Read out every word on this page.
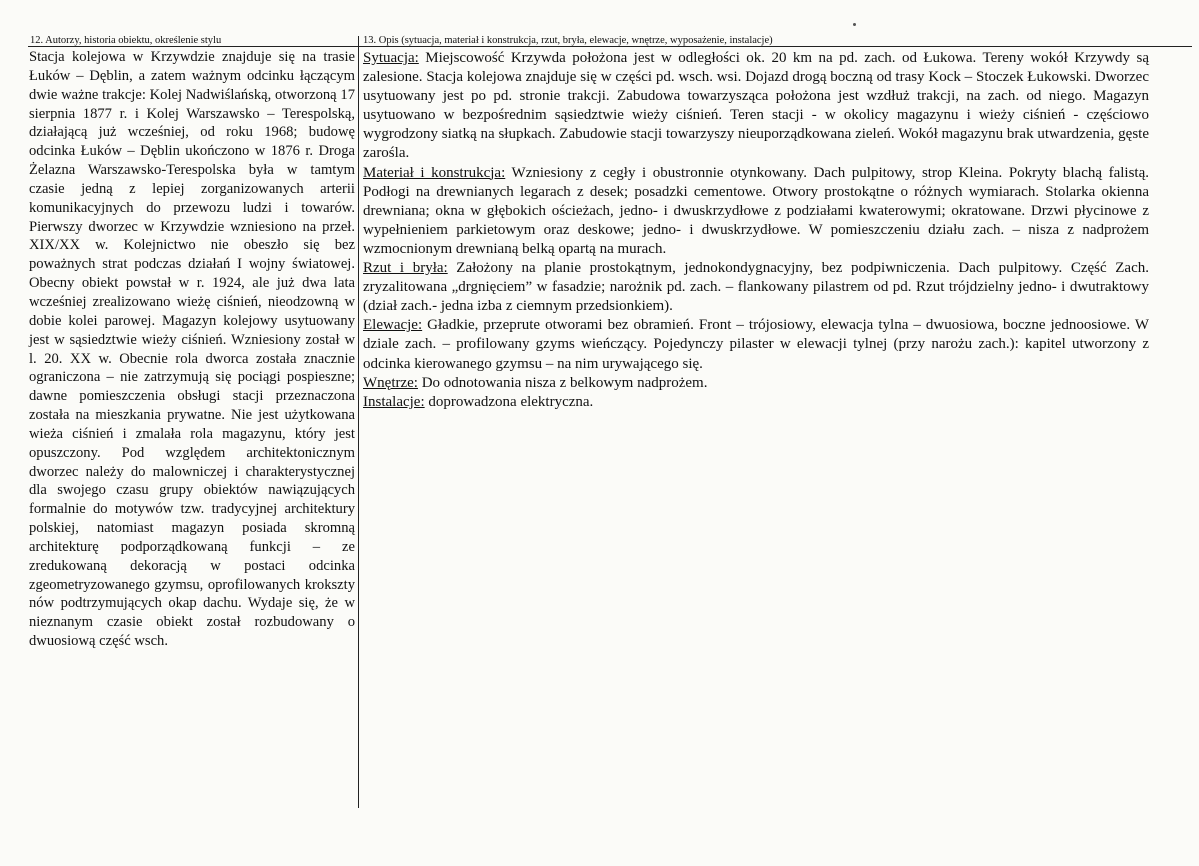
12. Autorzy, historia obiektu, określenie stylu	13. Opis (sytuacja, materiał i konstrukcja, rzut, bryła, elewacje, wnętrze, wyposażenie, instalacje)

Stacja kolejowa w Krzywdzie znajduje się na trasie Łuków – Dęblin, a zatem ważnym odcinku łączącym dwie ważne trakcje: Kolej Nadwiślańską, otworzoną 17 sierpnia 1877 r. i Kolej Warszawsko – Terespolską, działającą już wcześniej, od roku 1968; budowę odcinka Łuków – Dęblin ukończono w 1876 r. Droga Żelazna Warszawsko-Terespolska była w tamtym czasie jedną z lepiej zorganizowanych arterii komunikacyjnych do przewozu ludzi i towarów. Pierwszy dworzec w Krzywdzie wzniesiono na przeł. XIX/XX w. Kolejnictwo nie obeszło się bez poważnych strat podczas działań I wojny światowej. Obecny obiekt powstał w r. 1924, ale już dwa lata wcześniej zrealizowano wieżę ciśnień, nieodzowną w dobie kolei parowej. Magazyn kolejowy usytuowany jest w sąsiedztwie wieży ciśnień. Wzniesiony został w l. 20. XX w. Obecnie rola dworca została znacznie ograniczona – nie zatrzymują się pociągi pospieszne; dawne pomieszczenia obsługi stacji przeznaczona została na mieszkania prywatne. Nie jest użytkowana wieża ciśnień i zmalała rola magazynu, który jest opuszczony. Pod względem architektonicznym dworzec należy do malowniczej i charakterystycznej dla swojego czasu grupy obiektów nawiązujących formalnie do motywów tzw. tradycyjnej architektury polskiej, natomiast magazyn posiada skromną architekturę podporządkowaną funkcji – ze zredukowaną dekoracją w postaci odcinka zgeometryzowanego gzymsu, oprofilowanych krokszty nów podtrzymujących okap dachu. Wydaje się, że w nieznanym czasie obiekt został rozbudowany o dwuosiową część wsch.

Sytuacja: Miejscowość Krzywda położona jest w odległości ok. 20 km na pd. zach. od Łukowa. Tereny wokół Krzywdy są zalesione. Stacja kolejowa znajduje się w części pd. wsch. wsi. Dojazd drogą boczną od trasy Kock – Stoczek Łukowski. Dworzec usytuowany jest po pd. stronie trakcji. Zabudowa towarzysząca położona jest wzdłuż trakcji, na zach. od niego. Magazyn usytuowano w bezpośrednim sąsiedztwie wieży ciśnień. Teren stacji - w okolicy magazynu i wieży ciśnień - częściowo wygrodzony siatką na słupkach. Zabudowie stacji towarzyszy nieuporządkowana zieleń. Wokół magazynu brak utwardzenia, gęste zarośla.

Materiał i konstrukcja: Wzniesiony z cegły i obustronnie otynkowany. Dach pulpitowy, strop Kleina. Pokryty blachą falistą. Podłogi na drewnianych legarach z desek; posadzki cementowe. Otwory prostokątne o różnych wymiarach. Stolarka okienna drewniana; okna w głębokich ościeżach, jedno- i dwuskrzydłowe z podziałami kwaterowymi; okratowane. Drzwi płycinowe z wypełnieniem parkietowym oraz deskowe; jedno- i dwuskrzydłowe. W pomieszczeniu działu zach. – nisza z nadprożem wzmocnionym drewnianą belką opartą na murach.

Rzut i bryła: Założony na planie prostokątnym, jednokondygnacyjny, bez podpiwniczenia. Dach pulpitowy. Część Zach. zryzalitowana „drgnięciem” w fasadzie; narożnik pd. zach. – flankowany pilastrem od pd. Rzut trójdzielny jedno- i dwutraktowy (dział zach.- jedna izba z ciemnym przedsionkiem).

Elewacje: Gładkie, przeprute otworami bez obramień. Front – trójosiowy, elewacja tylna – dwuosiowa, boczne jednoosiowe. W dziale zach. – profilowany gzyms wieńczący. Pojedynczy pilaster w elewacji tylnej (przy narożu zach.): kapitel utworzony z odcinka kierowanego gzymsu – na nim urywającego się.

Wnętrze: Do odnotowania nisza z belkowym nadprożem.

Instalacje: doprowadzona elektryczna.
